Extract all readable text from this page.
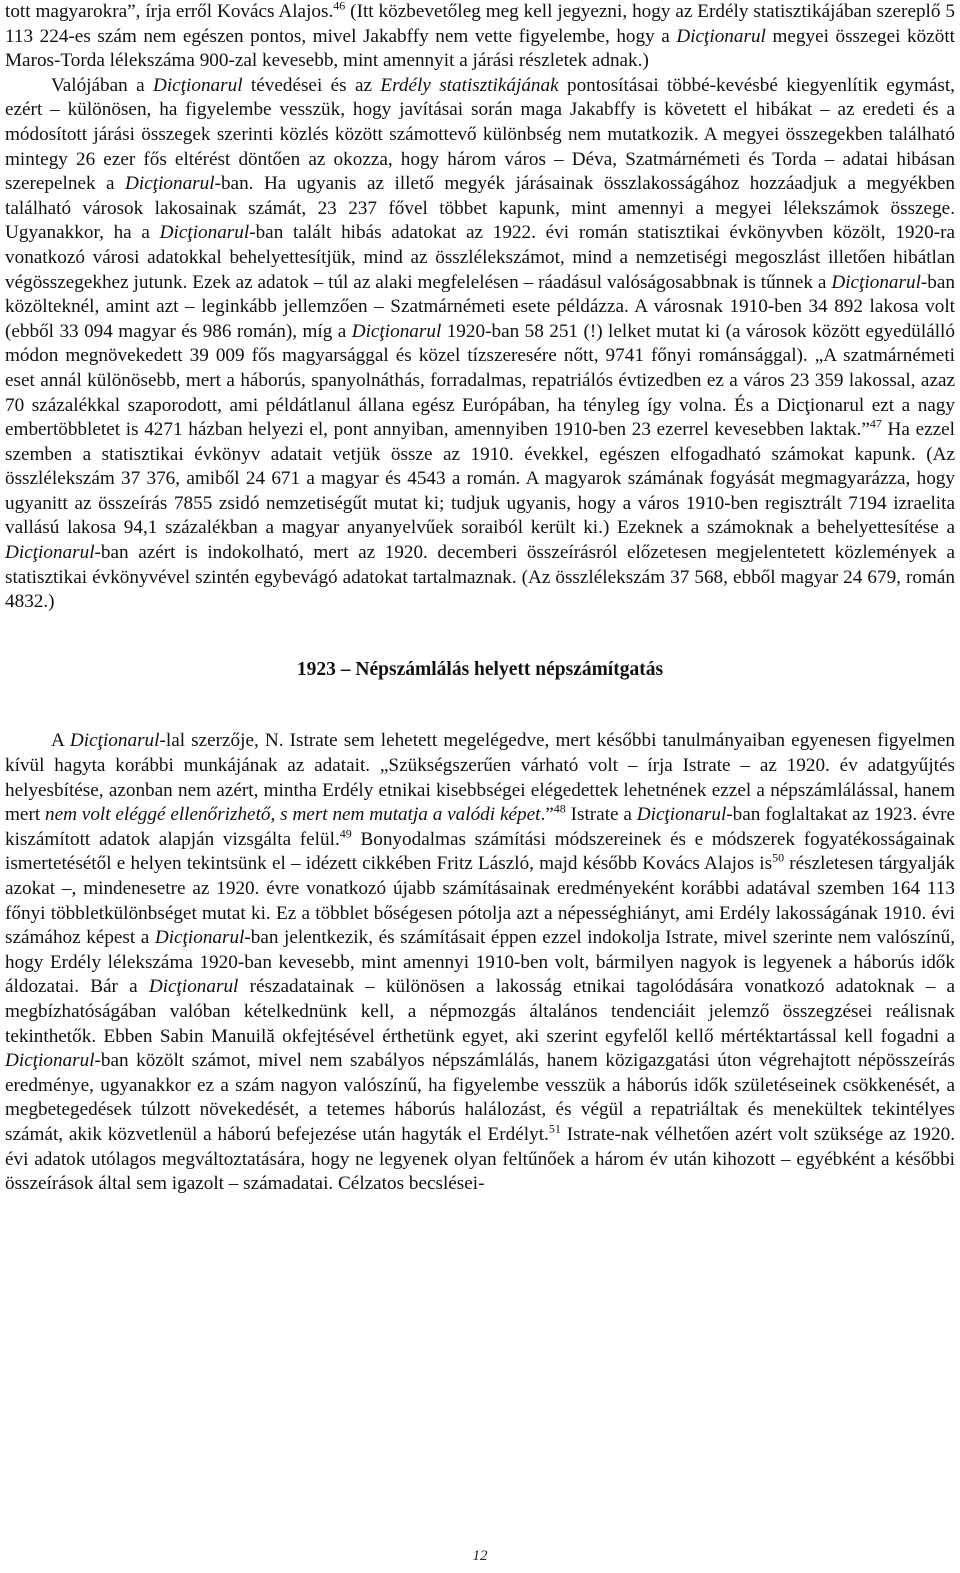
tott magyarokra”, írja erről Kovács Alajos.$^{46}$ (Itt közbevetőleg meg kell jegyezni, hogy az Erdély statisztikájában szereplő 5 113 224-es szám nem egészen pontos, mivel Jakabffy nem vette figyelembe, hogy a Dicţionarul megyei összegei között Maros-Torda lélekszáma 900-zal kevesebb, mint amennyit a járási részletek adnak.)

Valójában a Dicţionarul tévedései és az Erdély statisztikájának pontosításai többé-kevésbé kiegyenlítik egymást, ezért – különösen, ha figyelembe vesszük, hogy javításai során maga Jakabffy is követett el hibákat – az eredeti és a módosított járási összegek szerinti közlés között számottevő különbség nem mutatkozik. A megyei összegekben található mintegy 26 ezer fős eltérést döntően az okozza, hogy három város – Déva, Szatmárnémeti és Torda – adatai hibásan szerepelnek a Dicţionarul-ban. Ha ugyanis az illető megyék járásainak összlakosságához hozzáadjuk a megyékben található városok lakosainak számát, 23 237 fővel többet kapunk, mint amennyi a megyei lélekszámok összege. Ugyanakkor, ha a Dicţionarul-ban talált hibás adatokat az 1922. évi román statisztikai évkönyvben közölt, 1920-ra vonatkozó városi adatokkal behelyettesítjük, mind az összlélekszámot, mind a nemzetiségi megoszlást illetően hibátlan végösszegekhez jutunk. Ezek az adatok – túl az alaki megfelelésen – ráadásul valóságosabbnak is tűnnek a Dicţionarul-ban közölteknél, amint azt – leginkább jellemzően – Szatmárnémeti esete példázza. A városnak 1910-ben 34 892 lakosa volt (ebből 33 094 magyar és 986 román), míg a Dicţionarul 1920-ban 58 251 (!) lelket mutat ki (a városok között egyedülálló módon megnövekedett 39 009 fős magyarsággal és közel tízszeresére nőtt, 9741 főnyi románsággal). „A szatmárnémeti eset annál különösebb, mert a háborús, spanyolnáthás, forradalmas, repatriálós évtizedben ez a város 23 359 lakossal, azaz 70 százalékkal szaporodott, ami példátlanul állana egész Európában, ha tényleg így volna. És a Dicţionarul ezt a nagy embertöbbletet is 4271 házban helyezi el, pont annyiban, amennyiben 1910-ben 23 ezerrel kevesebben laktak.”$^{47}$ Ha ezzel szemben a statisztikai évkönyv adatait vetjük össze az 1910. évekkel, egészen elfogadható számokat kapunk. (Az összlélekszám 37 376, amiből 24 671 a magyar és 4543 a román. A magyarok számának fogyását megmagyarázza, hogy ugyanitt az összeírás 7855 zsidó nemzetiségűt mutat ki; tudjuk ugyanis, hogy a város 1910-ben regisztrált 7194 izraelita vallású lakosa 94,1 százalékban a magyar anyanyelvűek soraiból került ki.) Ezeknek a számoknak a behelyettesítése a Dicţionarul-ban azért is indokolható, mert az 1920. decemberi összeírásról előzetesen megjelentetett közlemények a statisztikai évkönyvével szintén egybevágó adatokat tartalmaznak. (Az összlélekszám 37 568, ebből magyar 24 679, román 4832.)

1923 – Népszámlálás helyett népszámítgatás

A Dicţionarul-lal szerzője, N. Istrate sem lehetett megelégedve, mert későbbi tanulmányaiban egyenesen figyelmen kívül hagyta korábbi munkájának az adatait. „Szükségszerűen várható volt – írja Istrate – az 1920. év adatgyűjtés helyesbítése, azonban nem azért, mintha Erdély etnikai kisebbségei elégedettek lehetnének ezzel a népszámlálással, hanem mert nem volt eléggé ellenőrizhető, s mert nem mutatja a valódi képet.”$^{48}$ Istrate a Dicţionarul-ban foglaltakat az 1923. évre kiszámított adatok alapján vizsgálta felül.$^{49}$ Bonyodalmas számítási módszereinek és e módszerek fogyatékosságainak ismertetésétől e helyen tekintsünk el – idézett cikkében Fritz László, majd később Kovács Alajos $is^{50}$ részletesen tárgyalják azokat –, mindenesetre az 1920. évre vonatkozó újabb számításainak eredményeként korábbi adatával szemben 164 113 főnyi többletkülönbséget mutat ki. Ez a többlet bőségesen pótolja azt a népességhiányt, ami Erdély lakosságának 1910. évi számához képest a Dicţionarul-ban jelentkezik, és számításait éppen ezzel indokolja Istrate, mivel szerinte nem valószínű, hogy Erdély lélekszáma 1920-ban kevesebb, mint amennyi 1910-ben volt, bármilyen nagyok is legyenek a háborús idők áldozatai. Bár a Dicţionarul részadatainak – különösen a lakosság etnikai tagolódására vonatkozó adatoknak – a megbízhatóságában valóban kételkednünk kell, a népmozgás általános tendenciáit jelemző összegzései reálisnak tekinthetők. Ebben Sabin Manuilă okfejtésével érthetünk egyet, aki szerint egyfelől kellő mértéktartással kell fogadni a Dicţionarul-ban közölt számot, mivel nem szabályos népszámlálás, hanem közigazgatási úton végrehajtott népösszeírás eredménye, ugyanakkor ez a szám nagyon valószínű, ha figyelembe vesszük a háborús idők születéseinek csökkenését, a megbetegedések túlzott növekedését, a tetemes háborús halálozást, és végül a repatriáltak és menekültek tekintélyes számát, akik közvetlenül a háború befejezése után hagyták el Erdélyt.$^{51}$ Istrate-nak vélhetően azért volt szüksége az 1920. évi adatok utólagos megváltoztatására, hogy ne legyenek olyan feltűnőek a három év után kihozott – egyébként a későbbi összeírások által sem igazolt – számadatai. Célzatos becslései-

12
